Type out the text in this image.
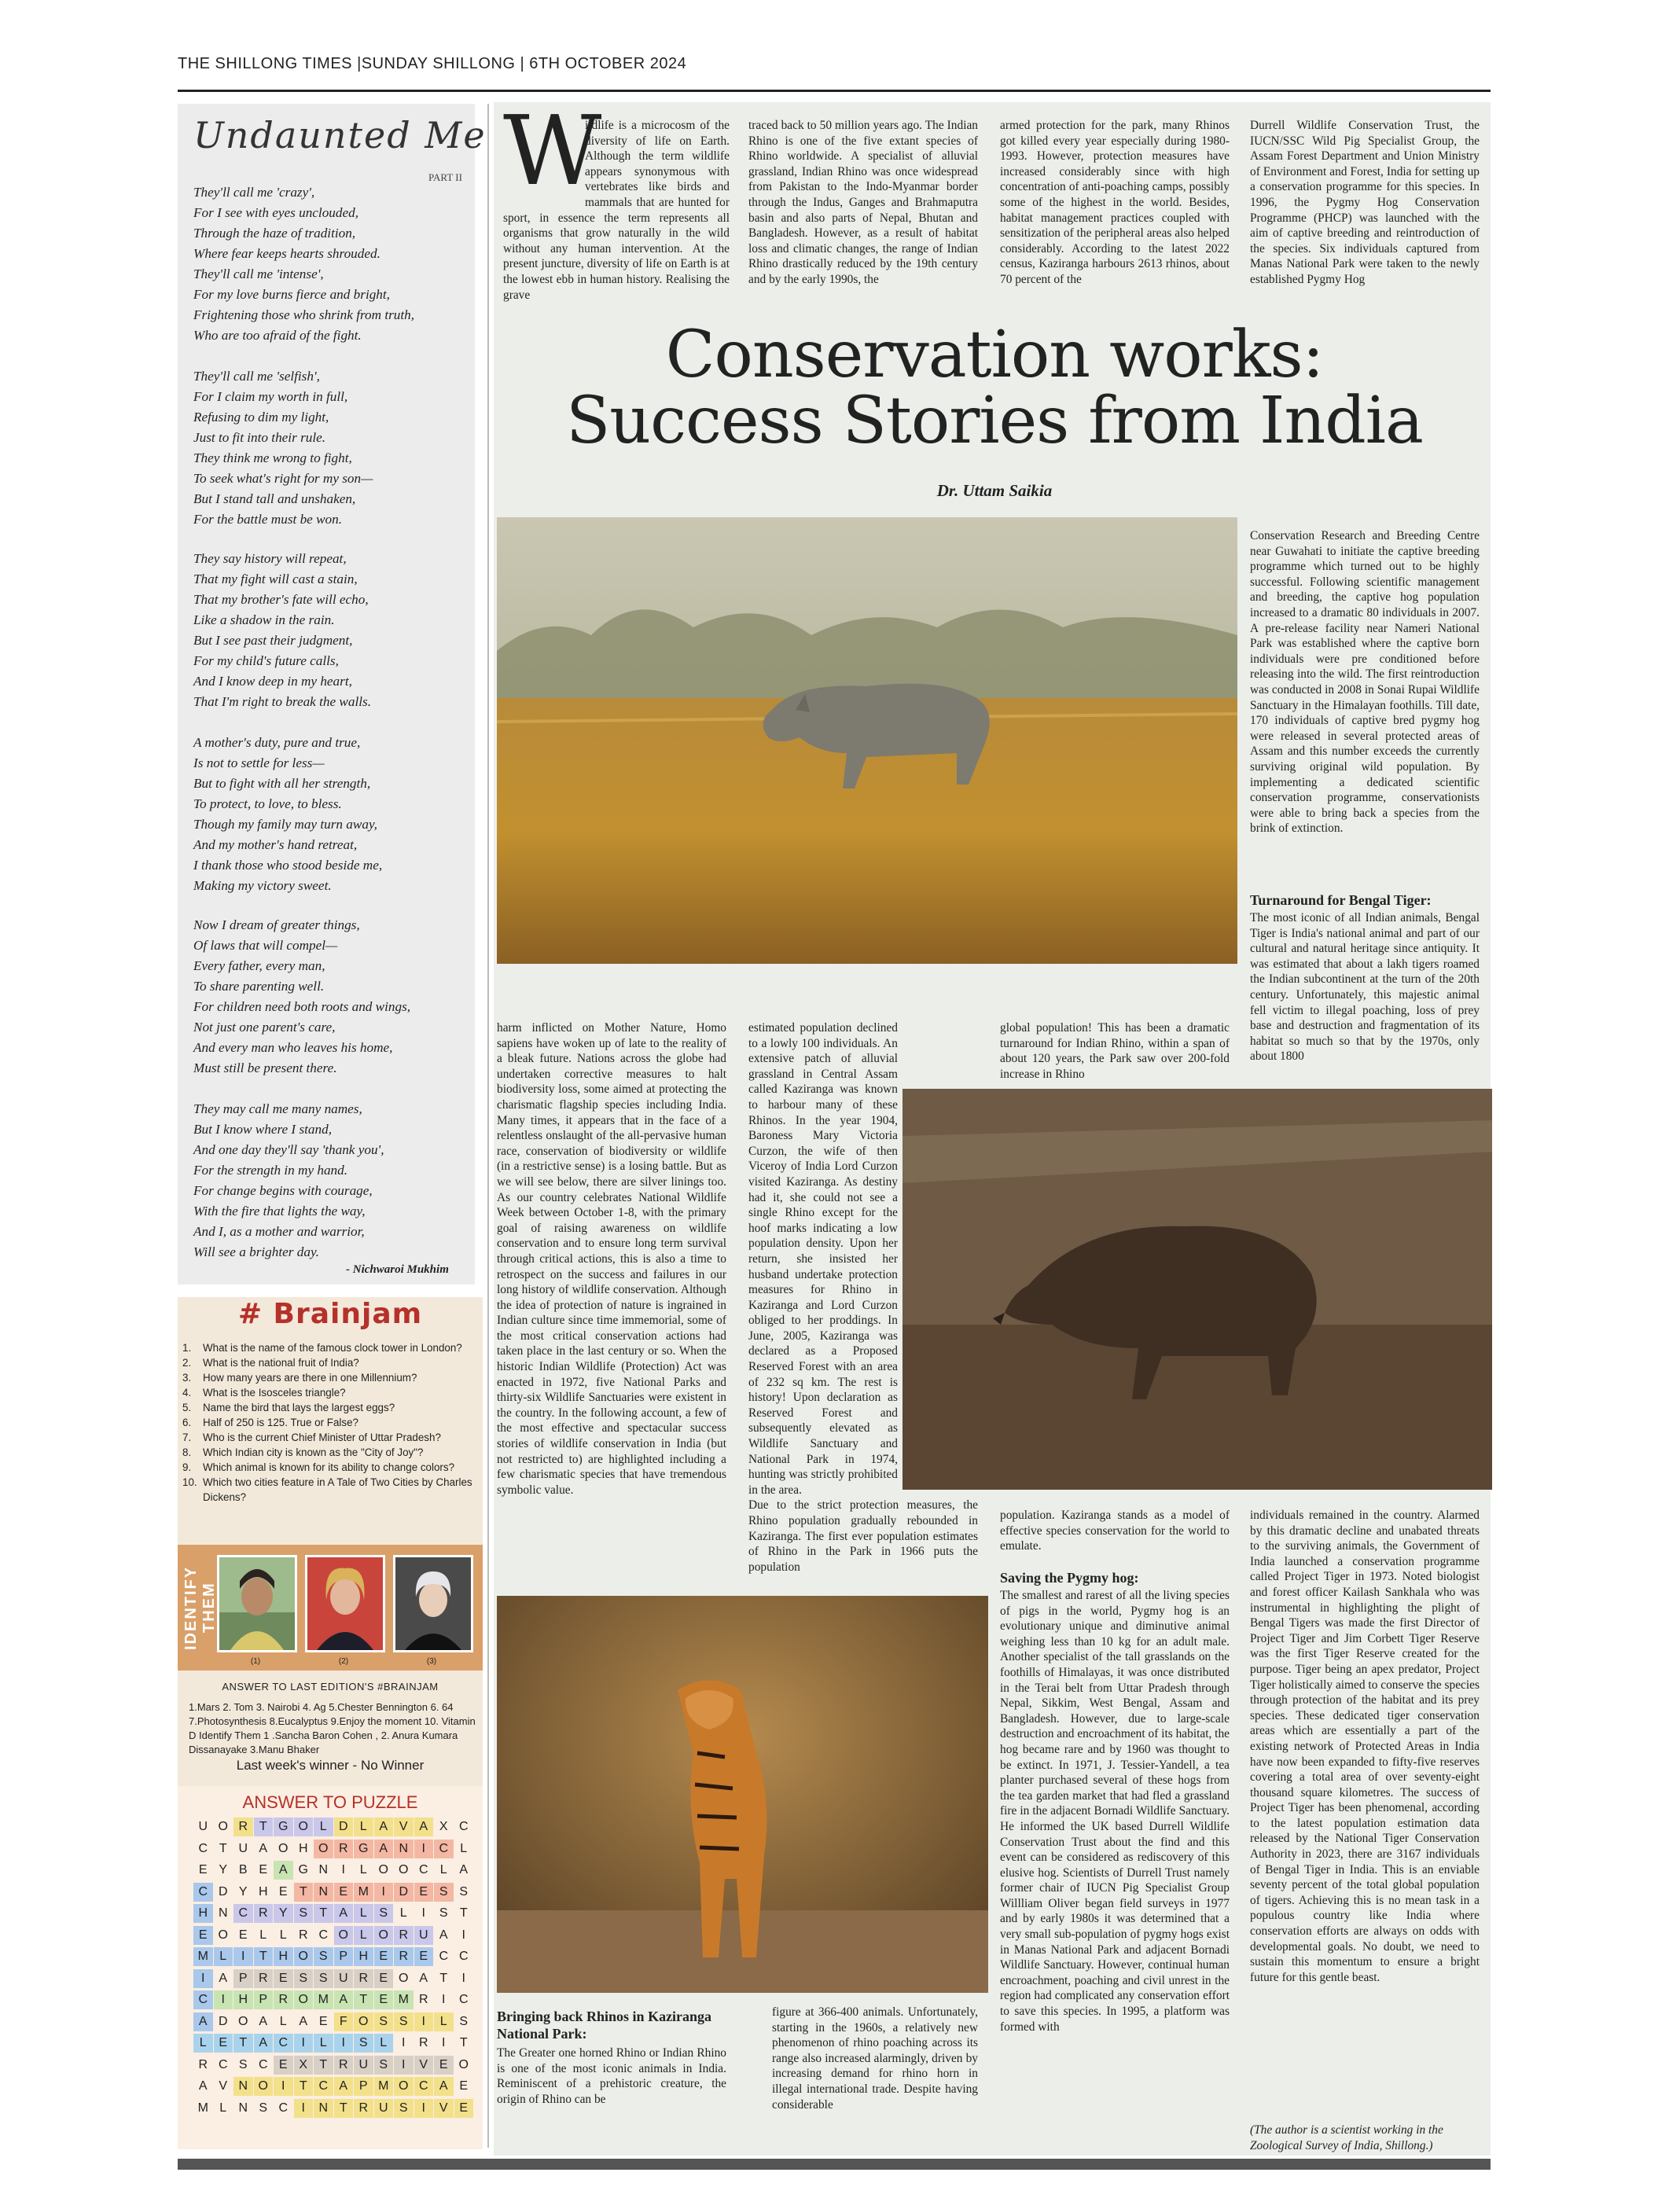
THE SHILLONG TIMES |SUNDAY SHILLONG | 6TH OCTOBER 2024
Undaunted Me
PART II
They'll call me 'crazy',
For I see with eyes unclouded,
Through the haze of tradition,
Where fear keeps hearts shrouded.
They'll call me 'intense',
For my love burns fierce and bright,
Frightening those who shrink from truth,
Who are too afraid of the fight.
They'll call me 'selfish',
For I claim my worth in full,
Refusing to dim my light,
Just to fit into their rule.
They think me wrong to fight,
To seek what's right for my son—
But I stand tall and unshaken,
For the battle must be won.
They say history will repeat,
That my fight will cast a stain,
That my brother's fate will echo,
Like a shadow in the rain.
But I see past their judgment,
For my child's future calls,
And I know deep in my heart,
That I'm right to break the walls.
A mother's duty, pure and true,
Is not to settle for less—
But to fight with all her strength,
To protect, to love, to bless.
Though my family may turn away,
And my mother's hand retreat,
I thank those who stood beside me,
Making my victory sweet.
Now I dream of greater things,
Of laws that will compel—
Every father, every man,
To share parenting well.
For children need both roots and wings,
Not just one parent's care,
And every man who leaves his home,
Must still be present there.
They may call me many names,
But I know where I stand,
And one day they'll say 'thank you',
For the strength in my hand.
For change begins with courage,
With the fire that lights the way,
And I, as a mother and warrior,
Will see a brighter day.
- Nichwaroi Mukhim
# Brainjam
1.	What is the name of the famous clock tower in London?
2.	What is the national fruit of India?
3.	How many years are there in one Millennium?
4.	What is the Isosceles triangle?
5.	Name the bird that lays the largest eggs?
6.	Half of 250 is 125. True or False?
7.	Who is the current Chief Minister of Uttar Pradesh?
8.	Which Indian city is known as the "City of Joy"?
9.	Which animal is known for its ability to change colors?
10. Which two cities feature in A Tale of Two Cities by Charles Dickens?
IDENTIFY THEM
(1)	(2)	(3)
ANSWER TO LAST EDITION'S #BRAINJAM
1.Mars 2. Tom 3. Nairobi 4. Ag 5.Chester Bennington 6. 64 7.Photosynthesis 8.Eucalyptus 9.Enjoy the moment 10. Vitamin D Identify Them 1 .Sancha Baron Cohen , 2. Anura Kumara Dissanayake 3.Manu Bhaker
Last week's winner - No Winner
ANSWER TO PUZZLE
U O R T G O L D L A V A X C
C T U A O H O R G A N	I	C L
E Y B E A G N	I	L O O C L A
C D Y H E T N E M	I	D E S S
H N C R Y S T A L S L	I	S T
E O E L	L R C O L O R U A	I
M L	I	T H O S P H E R E C C
I	A P R E S S U R E O A T	I
C	I	H P R O M A T E M R	I	C
A D O A L A E F O S S	I	L S
L E T A C	I	L	I	S L	I	R	I	T
R C S C E X T R U S	I	V E O
A V N O	I	T C A P M O C A E
M L N S C	I	N T R U S	I	V E
W
ildlife is a microcosm of the diversity of life on Earth. Although the term wildlife appears synonymous with vertebrates like birds and mammals that are hunted for sport, in essence the term represents all organisms that grow naturally in the wild without any human intervention. At the present juncture, diversity of life on Earth is at the lowest ebb in human history. Realising the grave
traced back to 50 million years ago. The Indian Rhino is one of the five extant species of Rhino worldwide. A specialist of alluvial grassland, Indian Rhino was once widespread from Pakistan to the Indo-Myanmar border through the Indus, Ganges and Brahmaputra basin and also parts of Nepal, Bhutan and Bangladesh. However, as a result of habitat loss and climatic changes, the range of Indian Rhino drastically reduced by the 19th century and by the early 1990s, the
armed protection for the park, many Rhinos got killed every year especially during 1980-1993. However, protection measures have increased considerably since with high concentration of anti-poaching camps, possibly some of the highest in the world. Besides, habitat management practices coupled with sensitization of the peripheral areas also helped considerably. According to the latest 2022 census, Kaziranga harbours 2613 rhinos, about 70 percent of the
Durrell Wildlife Conservation Trust, the IUCN/SSC Wild Pig Specialist Group, the Assam Forest Department and Union Ministry of Environment and Forest, India for setting up a conservation programme for this species. In 1996, the Pygmy Hog Conservation Programme (PHCP) was launched with the aim of captive breeding and reintroduction of the species. Six individuals captured from Manas National Park were taken to the newly established Pygmy Hog
Conservation works:
Success Stories from India
Dr. Uttam Saikia
Conservation Research and Breeding Centre near Guwahati to initiate the captive breeding programme which turned out to be highly successful. Following scientific management and breeding, the captive hog population increased to a dramatic 80 individuals in 2007. A pre-release facility near Nameri National Park was established where the captive born individuals were pre conditioned before releasing into the wild. The first reintroduction was conducted in 2008 in Sonai Rupai Wildlife Sanctuary in the Himalayan foothills. Till date, 170 individuals of captive bred pygmy hog were released in several protected areas of Assam and this number exceeds the currently surviving original wild population. By implementing a dedicated scientific conservation programme, conservationists were able to bring back a species from the brink of extinction.
Turnaround for Bengal Tiger:
The most iconic of all Indian animals, Bengal Tiger is India's national animal and part of our cultural and natural heritage since antiquity. It was estimated that about a lakh tigers roamed the Indian subcontinent at the turn of the 20th century. Unfortunately, this majestic animal fell victim to illegal poaching, loss of prey base and destruction and fragmentation of its habitat so much so that by the 1970s, only about 1800
harm inflicted on Mother Nature, Homo sapiens have woken up of late to the reality of a bleak future. Nations across the globe had undertaken corrective measures to halt biodiversity loss, some aimed at protecting the charismatic flagship species including India. Many times, it appears that in the face of a relentless onslaught of the all-pervasive human race, conservation of biodiversity or wildlife (in a restrictive sense) is a losing battle. But as we will see below, there are silver linings too. As our country celebrates National Wildlife Week between October 1-8, with the primary goal of raising awareness on wildlife conservation and to ensure long term survival through critical actions, this is also a time to retrospect on the success and failures in our long history of wildlife conservation. Although the idea of protection of nature is ingrained in Indian culture since time immemorial, some of the most critical conservation actions had taken place in the last century or so. When the historic Indian Wildlife (Protection) Act was enacted in 1972, five National Parks and thirty-six Wildlife Sanctuaries were existent in the country. In the following account, a few of the most effective and spectacular success stories of wildlife conservation in India (but not restricted to) are highlighted including a few charismatic species that have tremendous symbolic value.
estimated population declined to a lowly 100 individuals. An extensive patch of alluvial grassland in Central Assam called Kaziranga was known to harbour many of these Rhinos. In the year 1904, Baroness Mary Victoria Curzon, the wife of then Viceroy of India Lord Curzon visited Kaziranga. As destiny had it, she could not see a single Rhino except for the hoof marks indicating a low population density. Upon her return, she insisted her husband undertake protection measures for Rhino in Kaziranga and Lord Curzon obliged to her proddings. In June, 2005, Kaziranga was declared as a Proposed Reserved Forest with an area of 232 sq km. The rest is history! Upon declaration as Reserved Forest and subsequently elevated as Wildlife Sanctuary and National Park in 1974, hunting was strictly prohibited in the area.
Due to the strict protection measures, the Rhino population gradually rebounded in Kaziranga. The first ever population estimates of Rhino in the Park in 1966 puts the population
global population! This has been a dramatic turnaround for Indian Rhino, within a span of about 120 years, the Park saw over 200-fold increase in Rhino
population. Kaziranga stands as a model of effective species conservation for the world to emulate.
Saving the Pygmy hog:
The smallest and rarest of all the living species of pigs in the world, Pygmy hog is an evolutionary unique and diminutive animal weighing less than 10 kg for an adult male. Another specialist of the tall grasslands on the foothills of Himalayas, it was once distributed in the Terai belt from Uttar Pradesh through Nepal, Sikkim, West Bengal, Assam and Bangladesh. However, due to large-scale destruction and encroachment of its habitat, the hog became rare and by 1960 was thought to be extinct. In 1971, J. Tessier-Yandell, a tea planter purchased several of these hogs from the tea garden market that had fled a grassland fire in the adjacent Bornadi Wildlife Sanctuary. He informed the UK based Durrell Wildlife Conservation Trust about the find and this event can be considered as rediscovery of this elusive hog. Scientists of Durrell Trust namely former chair of IUCN Pig Specialist Group Willliam Oliver began field surveys in 1977 and by early 1980s it was determined that a very small sub-population of pygmy hogs exist in Manas National Park and adjacent Bornadi Wildlife Sanctuary. However, continual human encroachment, poaching and civil unrest in the region had complicated any conservation effort to save this species. In 1995, a platform was formed with
individuals remained in the country. Alarmed by this dramatic decline and unabated threats to the surviving animals, the Government of India launched a conservation programme called Project Tiger in 1973. Noted biologist and forest officer Kailash Sankhala who was instrumental in highlighting the plight of Bengal Tigers was made the first Director of Project Tiger and Jim Corbett Tiger Reserve was the first Tiger Reserve created for the purpose. Tiger being an apex predator, Project Tiger holistically aimed to conserve the species through protection of the habitat and its prey species. These dedicated tiger conservation areas which are essentially a part of the existing network of Protected Areas in India have now been expanded to fifty-five reserves covering a total area of over seventy-eight thousand square kilometres. The success of Project Tiger has been phenomenal, according to the latest population estimation data released by the National Tiger Conservation Authority in 2023, there are 3167 individuals of Bengal Tiger in India. This is an enviable seventy percent of the total global population of tigers. Achieving this is no mean task in a populous country like India where conservation efforts are always on odds with developmental goals. No doubt, we need to sustain this momentum to ensure a bright future for this gentle beast.
(The author is a scientist working in the Zoological Survey of India, Shillong.)
Bringing back Rhinos in Kaziranga National Park:
The Greater one horned Rhino or Indian Rhino is one of the most iconic animals in India. Reminiscent of a prehistoric creature, the origin of Rhino can be
figure at 366-400 animals. Unfortunately, starting in the 1960s, a relatively new phenomenon of rhino poaching across its range also increased alarmingly, driven by increasing demand for rhino horn in illegal international trade. Despite having considerable
